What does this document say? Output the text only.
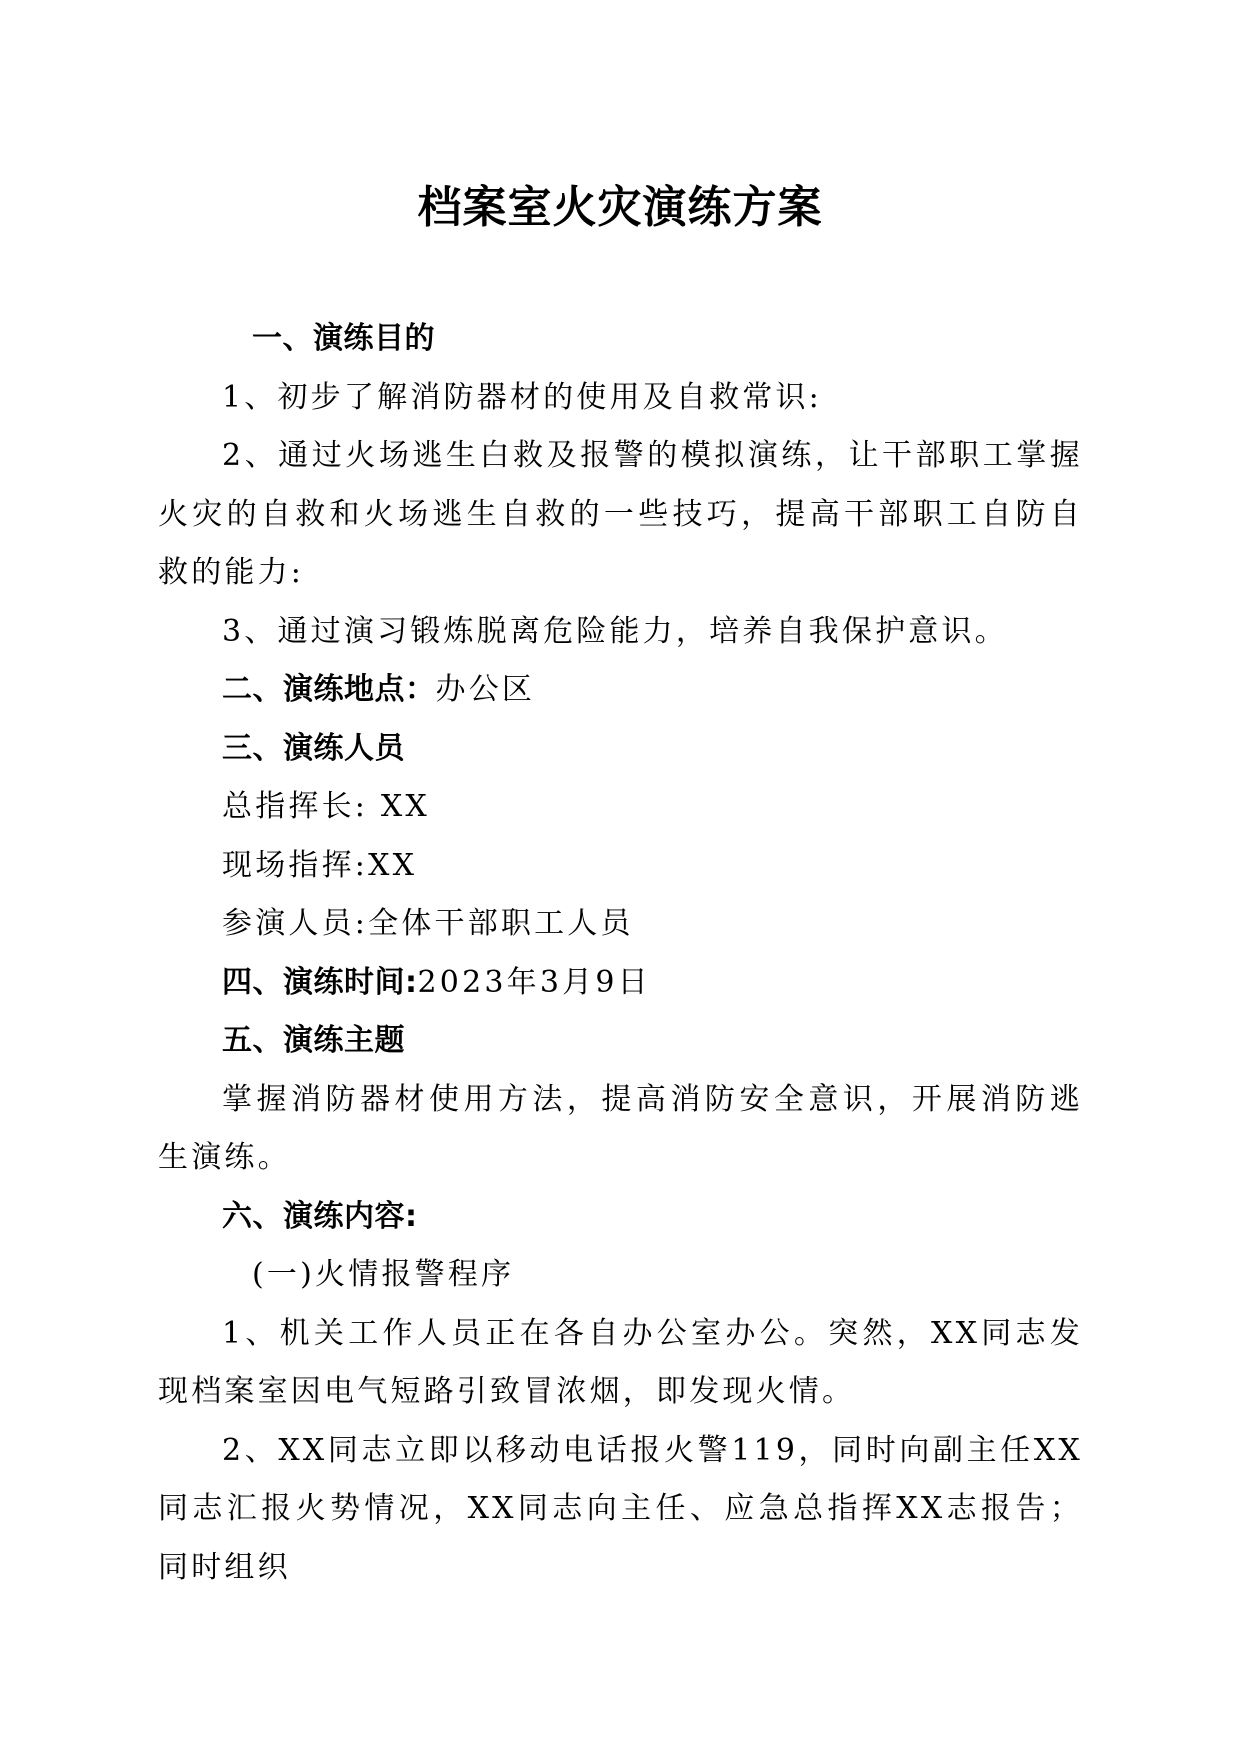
档案室火灾演练方案

一、演练目的

1、初步了解消防器材的使用及自救常识:

2、通过火场逃生白救及报警的模拟演练，让干部职工掌握火灾的自救和火场逃生自救的一些技巧，提高干部职工自防自救的能力:

3、通过演习锻炼脱离危险能力，培养自我保护意识。

二、演练地点：办公区

三、演练人员

总指挥长: XX

现场指挥:XX

参演人员:全体干部职工人员

四、演练时间:2023年3月9日

五、演练主题

掌握消防器材使用方法，提高消防安全意识，开展消防逃生演练。

六、演练内容:

(一)火情报警程序

1、机关工作人员正在各自办公室办公。突然，XX同志发现档案室因电气短路引致冒浓烟，即发现火情。

2、XX同志立即以移动电话报火警119，同时向副主任XX同志汇报火势情况，XX同志向主任、应急总指挥XX志报告；同时组织
